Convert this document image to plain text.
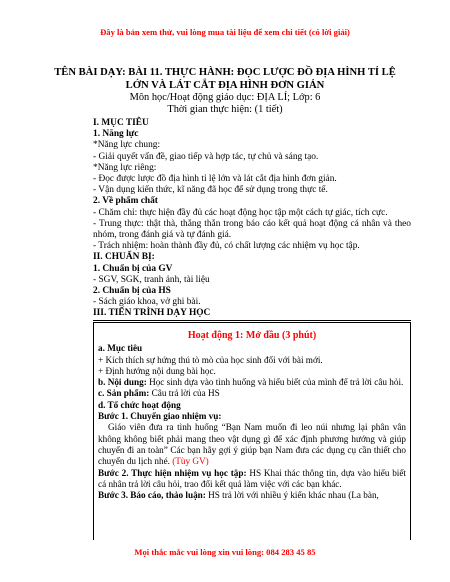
Đây là bản xem thử, vui lòng mua tài liệu để xem chi tiết (có lời giải)
TÊN BÀI DẠY: BÀI 11. THỰC HÀNH: ĐỌC LƯỢC ĐỒ ĐỊA HÌNH TỈ LỆ
LỚN VÀ LÁT CẮT ĐỊA HÌNH ĐƠN GIẢN
Môn học/Hoạt động giáo dục: ĐỊA LÍ; Lớp: 6
Thời gian thực hiện: (1 tiết)

I. MỤC TIÊU

1. Năng lực

*Năng lực chung:

- Giải quyết vấn đề, giao tiếp và hợp tác, tự chủ và sáng tạo.

*Năng lực riêng:

- Đọc được lược đồ địa hình tỉ lệ lớn và lát cắt địa hình đơn giản.

- Vận dụng kiến thức, kĩ năng đã học để sử dụng trong thực tế.

2. Về phẩm chất

- Chăm chỉ: thực hiện đầy đủ các hoạt động học tập một cách tự giác, tích cực.

- Trung thực: thật thà, thẳng thắn trong báo cáo kết quả hoạt động cá nhân và theo nhóm, trong đánh giá và tự đánh giá.

- Trách nhiệm: hoàn thành đầy đủ, có chất lượng các nhiệm vụ học tập.

II. CHUẨN BỊ:

1. Chuẩn bị của GV

- SGV, SGK, tranh ảnh, tài liệu

2. Chuẩn bị của HS

- Sách giáo khoa, vở ghi bài.

III. TIẾN TRÌNH DẠY HỌC

Hoạt động 1: Mở đầu (3 phút)

a. Mục tiêu

+ Kích thích sự hứng thú tò mò của học sinh đối với bài mới.

+ Định hướng nội dung bài học.

b. Nội dung: Học sinh dựa vào tình huống và hiểu biết của mình để trả lời câu hỏi.

c. Sản phẩm: Câu trả lời của HS

d. Tổ chức hoạt động

Bước 1. Chuyển giao nhiệm vụ:

Giáo viên đưa ra tình huống “Bạn Nam muốn đi leo núi nhưng lại phân vân không không biết phải mang theo vật dụng gì để xác định phương hướng và giúp chuyến đi an toàn” Các bạn hãy gợi ý giúp bạn Nam đưa các dụng cụ cần thiết cho chuyến du lịch nhé. (Tùy GV)

Bước 2. Thực hiện nhiệm vụ học tập: HS Khai thác thông tin, dựa vào hiểu biết cá nhân trả lời câu hỏi, trao đổi kết quả làm việc với các bạn khác.

Bước 3. Báo cáo, thảo luận: HS trả lời với nhiều ý kiến khác nhau (La bàn,

Mọi thắc mắc vui lòng xin vui lòng: 084 283 45 85
